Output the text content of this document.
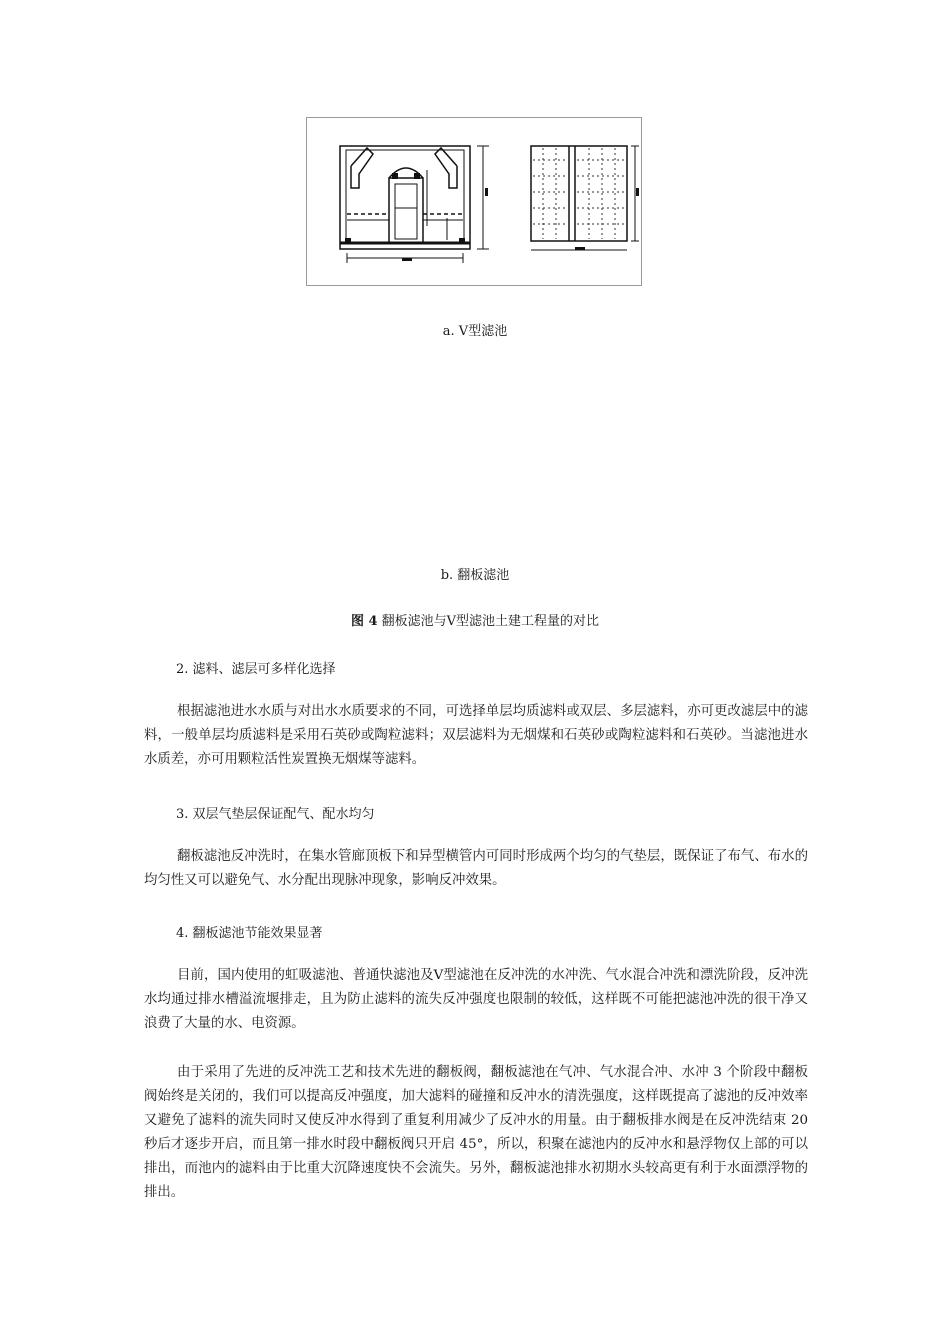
a. V型滤池
b. 翻板滤池
图 4 翻板滤池与V型滤池土建工程量的对比
2. 滤料、滤层可多样化选择
根据滤池进水水质与对出水水质要求的不同，可选择单层均质滤料或双层、多层滤料，亦可更改滤层中的滤料，一般单层均质滤料是采用石英砂或陶粒滤料；双层滤料为无烟煤和石英砂或陶粒滤料和石英砂。当滤池进水水质差，亦可用颗粒活性炭置换无烟煤等滤料。
3. 双层气垫层保证配气、配水均匀
翻板滤池反冲洗时，在集水管廊顶板下和异型横管内可同时形成两个均匀的气垫层，既保证了布气、布水的均匀性又可以避免气、水分配出现脉冲现象，影响反冲效果。
4. 翻板滤池节能效果显著
目前，国内使用的虹吸滤池、普通快滤池及V型滤池在反冲洗的水冲洗、气水混合冲洗和漂洗阶段，反冲洗水均通过排水槽溢流堰排走，且为防止滤料的流失反冲强度也限制的较低，这样既不可能把滤池冲洗的很干净又浪费了大量的水、电资源。
由于采用了先进的反冲洗工艺和技术先进的翻板阀，翻板滤池在气冲、气水混合冲、水冲 3 个阶段中翻板阀始终是关闭的，我们可以提高反冲强度，加大滤料的碰撞和反冲水的清洗强度，这样既提高了滤池的反冲效率又避免了滤料的流失同时又使反冲水得到了重复利用减少了反冲水的用量。由于翻板排水阀是在反冲洗结束 20 秒后才逐步开启，而且第一排水时段中翻板阀只开启 45°，所以，积聚在滤池内的反冲水和悬浮物仅上部的可以排出，而池内的滤料由于比重大沉降速度快不会流失。另外，翻板滤池排水初期水头较高更有利于水面漂浮物的排出。
